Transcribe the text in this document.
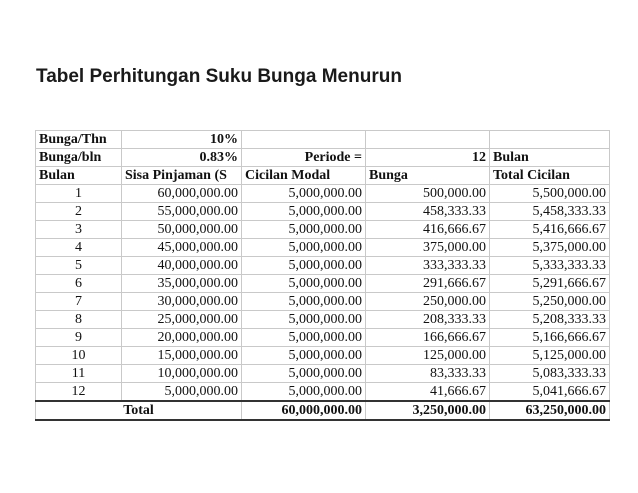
Tabel Perhitungan Suku Bunga Menurun
Bunga/Thn	10%			
Bunga/bln	0.83%	Periode =	12	Bulan
Bulan	Sisa Pinjaman (S	Cicilan Modal	Bunga	Total Cicilan
1	60,000,000.00	5,000,000.00	500,000.00	5,500,000.00
2	55,000,000.00	5,000,000.00	458,333.33	5,458,333.33
3	50,000,000.00	5,000,000.00	416,666.67	5,416,666.67
4	45,000,000.00	5,000,000.00	375,000.00	5,375,000.00
5	40,000,000.00	5,000,000.00	333,333.33	5,333,333.33
6	35,000,000.00	5,000,000.00	291,666.67	5,291,666.67
7	30,000,000.00	5,000,000.00	250,000.00	5,250,000.00
8	25,000,000.00	5,000,000.00	208,333.33	5,208,333.33
9	20,000,000.00	5,000,000.00	166,666.67	5,166,666.67
10	15,000,000.00	5,000,000.00	125,000.00	5,125,000.00
11	10,000,000.00	5,000,000.00	83,333.33	5,083,333.33
12	5,000,000.00	5,000,000.00	41,666.67	5,041,666.67
Total		60,000,000.00	3,250,000.00	63,250,000.00
